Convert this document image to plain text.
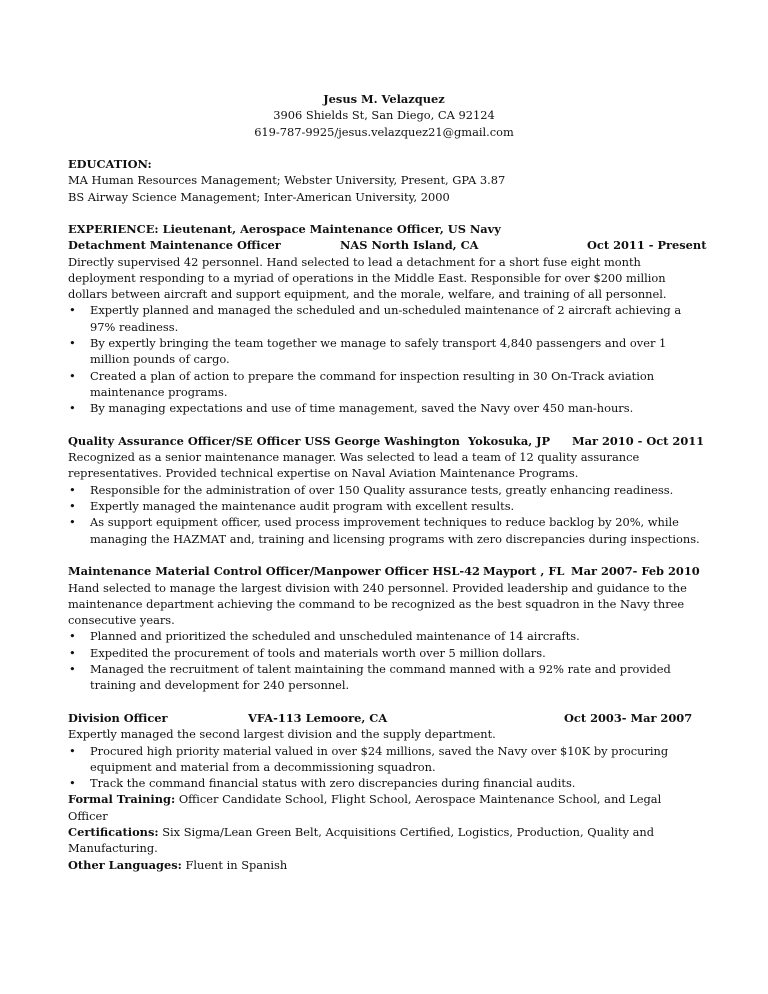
Jesus M. Velazquez
3906 Shields St, San Diego, CA 92124
619-787-9925/jesus.velazquez21@gmail.com
EDUCATION:
MA Human Resources Management; Webster University, Present, GPA 3.87
BS Airway Science Management; Inter-American University, 2000
EXPERIENCE: Lieutenant, Aerospace Maintenance Officer, US Navy
Detachment Maintenance Officer	NAS North Island, CA	Oct 2011 - Present

Directly supervised 42 personnel. Hand selected to lead a detachment for a short fuse eight month deployment responding to a myriad of operations in the Middle East. Responsible for over $200 million dollars between aircraft and support equipment, and the morale, welfare, and training of all personnel.

• Expertly planned and managed the scheduled and un-scheduled maintenance of 2 aircraft achieving a 97% readiness.
• By expertly bringing the team together we manage to safely transport 4,840 passengers and over 1 million pounds of cargo.
• Created a plan of action to prepare the command for inspection resulting in 30 On-Track aviation maintenance programs.
• By managing expectations and use of time management, saved the Navy over 450 man-hours.
Quality Assurance Officer/SE Officer USS George Washington Yokosuka, JP Mar 2010 - Oct 2011

Recognized as a senior maintenance manager. Was selected to lead a team of 12 quality assurance representatives. Provided technical expertise on Naval Aviation Maintenance Programs.

• Responsible for the administration of over 150 Quality assurance tests, greatly enhancing readiness.
• Expertly managed the maintenance audit program with excellent results.
• As support equipment officer, used process improvement techniques to reduce backlog by 20%, while managing the HAZMAT and, training and licensing programs with zero discrepancies during inspections.
Maintenance Material Control Officer/Manpower Officer HSL-42 Mayport , FL Mar 2007- Feb 2010

Hand selected to manage the largest division with 240 personnel. Provided leadership and guidance to the maintenance department achieving the command to be recognized as the best squadron in the Navy three consecutive years.

• Planned and prioritized the scheduled and unscheduled maintenance of 14 aircrafts.
• Expedited the procurement of tools and materials worth over 5 million dollars.
• Managed the recruitment of talent maintaining the command manned with a 92% rate and provided training and development for 240 personnel.
Division Officer	VFA-113 Lemoore, CA	Oct 2003- Mar 2007

Expertly managed the second largest division and the supply department.

• Procured high priority material valued in over $24 millions, saved the Navy over $10K by procuring equipment and material from a decommissioning squadron.
• Track the command financial status with zero discrepancies during financial audits.
Formal Training: Officer Candidate School, Flight School, Aerospace Maintenance School, and Legal Officer
Certifications: Six Sigma/Lean Green Belt, Acquisitions Certified, Logistics, Production, Quality and Manufacturing.
Other Languages: Fluent in Spanish
